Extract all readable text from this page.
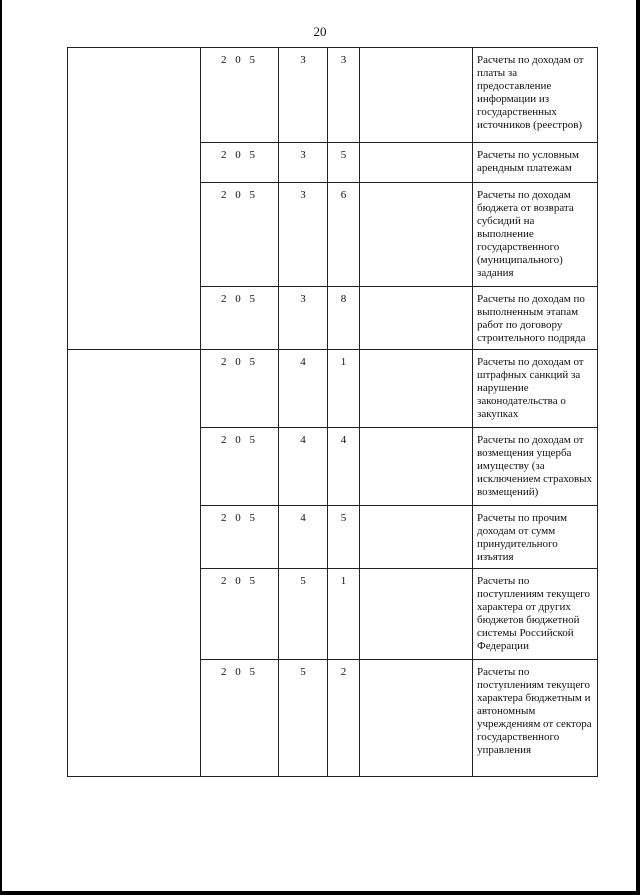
20
	2 0 5	3	3		Расчеты по доходам от платы за предоставление информации из государственных источников (реестров)
	2 0 5	3	5		Расчеты по условным арендным платежам
	2 0 5	3	6		Расчеты по доходам бюджета от возврата субсидий на выполнение государственного (муниципального) задания
	2 0 5	3	8		Расчеты по доходам по выполненным этапам работ по договору строительного подряда
	2 0 5	4	1		Расчеты по доходам от штрафных санкций за нарушение законодательства о закупках
	2 0 5	4	4		Расчеты по доходам от возмещения ущерба имуществу (за исключением страховых возмещений)
	2 0 5	4	5		Расчеты по прочим доходам от сумм принудительного изъятия
	2 0 5	5	1		Расчеты по поступлениям текущего характера от других бюджетов бюджетной системы Российской Федерации
	2 0 5	5	2		Расчеты по поступлениям текущего характера бюджетным и автономным учреждениям от сектора государственного управления
